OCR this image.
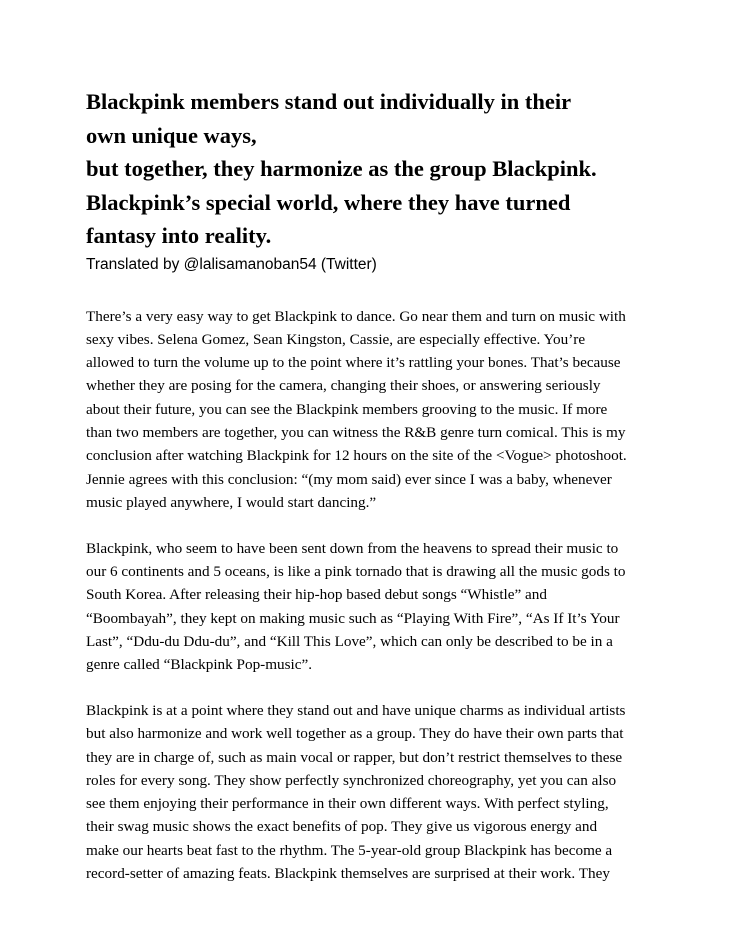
Blackpink members stand out individually in their
own unique ways,
but together, they harmonize as the group Blackpink.
Blackpink’s special world, where they have turned
fantasy into reality.

Translated by @lalisamanoban54 (Twitter)

There’s a very easy way to get Blackpink to dance. Go near them and turn on music with
sexy vibes. Selena Gomez, Sean Kingston, Cassie, are especially effective. You’re
allowed to turn the volume up to the point where it’s rattling your bones. That’s because
whether they are posing for the camera, changing their shoes, or answering seriously
about their future, you can see the Blackpink members grooving to the music. If more
than two members are together, you can witness the R&B genre turn comical. This is my
conclusion after watching Blackpink for 12 hours on the site of the <Vogue> photoshoot.
Jennie agrees with this conclusion: “(my mom said) ever since I was a baby, whenever
music played anywhere, I would start dancing.”

Blackpink, who seem to have been sent down from the heavens to spread their music to
our 6 continents and 5 oceans, is like a pink tornado that is drawing all the music gods to
South Korea. After releasing their hip-hop based debut songs “Whistle” and
“Boombayah”, they kept on making music such as “Playing With Fire”, “As If It’s Your
Last”, “Ddu-du Ddu-du”, and “Kill This Love”, which can only be described to be in a
genre called “Blackpink Pop-music”.

Blackpink is at a point where they stand out and have unique charms as individual artists
but also harmonize and work well together as a group. They do have their own parts that
they are in charge of, such as main vocal or rapper, but don’t restrict themselves to these
roles for every song. They show perfectly synchronized choreography, yet you can also
see them enjoying their performance in their own different ways. With perfect styling,
their swag music shows the exact benefits of pop. They give us vigorous energy and
make our hearts beat fast to the rhythm. The 5-year-old group Blackpink has become a
record-setter of amazing feats. Blackpink themselves are surprised at their work. They
